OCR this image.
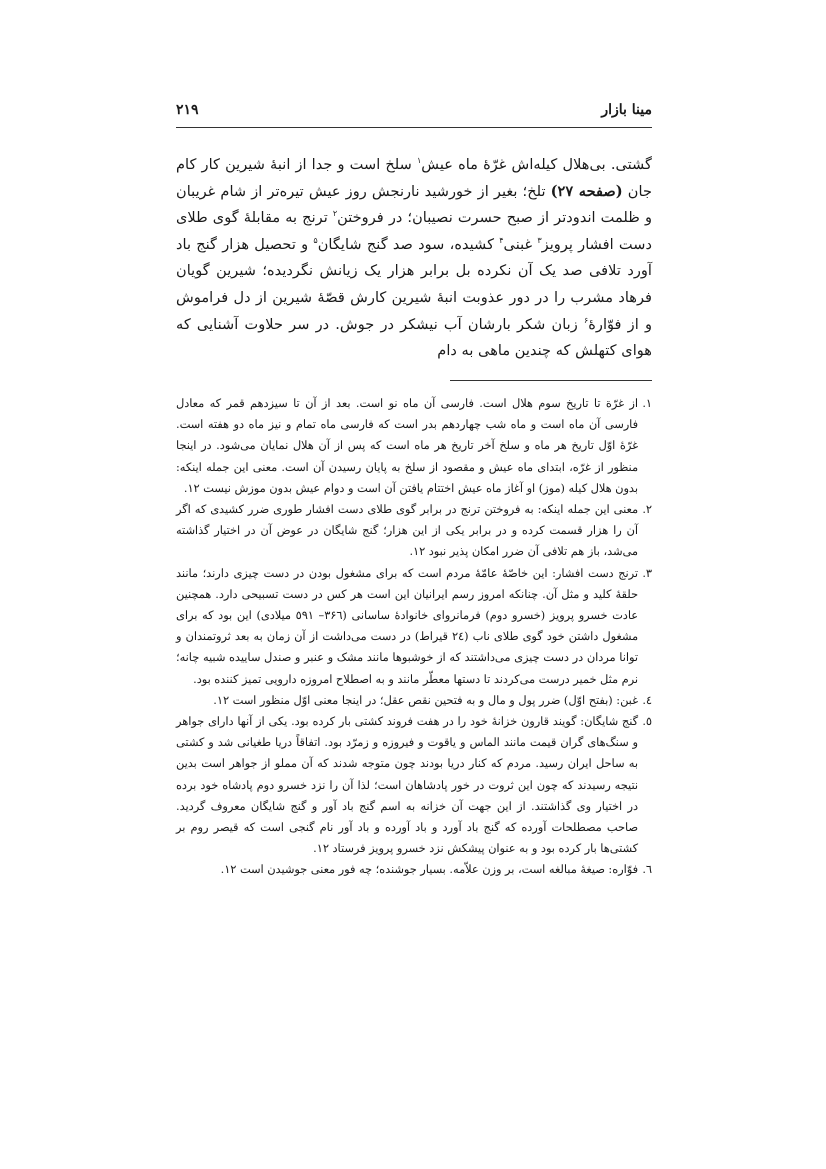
مینا بازار
۲۱۹

گشتی. بی‌هلال کیله‌اش غرّهٔ ماه عیش$^۱$ سلخ است و جدا از انبهٔ شیرین کار کام جان (صفحه ۲۷) تلخ؛ بغیر از خورشید نارنجش روز عیش تیره‌تر از شام غریبان و ظلمت اندودتر از صبح حسرت نصیبان؛ در فروختن$^۲$ ترنج به مقابلهٔ گوی طلای دست افشار پرویز$^۳$ غبنی$^۴$ کشیده، سود صد گنج شایگان$^۵$ و تحصیل هزار گنج باد آورد تلافی صد یک آن نکرده بل برابر هزار یک زیانش نگردیده؛ شیرین گویان فرهاد مشرب را در دور عذوبت انبهٔ شیرین کارش قصّهٔ شیرین از دل فراموش و از فوّارهٔ$^۶$ زبان شکر بارشان آب نیشکر در جوش. در سر حلاوت آشنایی که هوای کتهلش که چندین ماهی به دام

۱.
از غرّة تا تاریخ سوم هلال است. فارسی آن ماه نو است. بعد از آن تا سیزدهم قمر که معادل فارسی آن ماه است و ماه شب چهاردهم بدر است که فارسی ماه تمام و نیز ماه دو هفته است. غرّهٔ اوّل تاریخ هر ماه و سلخ آخر تاریخ هر ماه است که پس از آن هلال نمایان می‌شود. در اینجا منظور از غرّه، ابتدای ماه عیش و مقصود از سلخ به پایان رسیدن آن است. معنی این جمله اینکه: بدون هلال کیله (موز) او آغاز ماه عیش اختتام یافتن آن است و دوام عیش بدون موزش نیست ۱۲.
۲.
معنی این جمله اینکه: به فروختن ترنج در برابر گوی طلای دست افشار طوری ضرر کشیدی که اگر آن را هزار قسمت کرده و در برابر یکی از این هزار؛ گنج شایگان در عوض آن در اختیار گذاشته می‌شد، باز هم تلافی آن ضرر امکان پذیر نبود ۱۲.
۳.
ترنج دست افشار: این خاصّهٔ عامّهٔ مردم است که برای مشغول بودن در دست چیزی دارند؛ مانند حلقهٔ کلید و مثل آن. چنانکه امروز رسم ایرانیان این است هر کس در دست تسبیحی دارد. همچنین عادت خسرو پرویز (خسرو دوم) فرمانروای خانوادهٔ ساسانی (۳۶٦– ٥٩١ میلادی) این بود که برای مشغول داشتن خود گوی طلای ناب (۲٤ قیراط) در دست می‌داشت از آن زمان به بعد ثروتمندان و توانا مردان در دست چیزی می‌داشتند که از خوشبوها مانند مشک و عنبر و صندل ساییده شبیه چانه؛ نرم مثل خمیر درست می‌کردند تا دستها معطّر مانند و به اصطلاح امروزه دارویی تمیز کننده بود.
٤.
غبن: (بفتح اوّل) ضرر پول و مال و به فتحین نقص عقل؛ در اینجا معنی اوّل منظور است ۱۲.
٥.
گنج شایگان: گویند قارون خزانهٔ خود را در هفت فروند کشتی بار کرده بود. یکی از آنها دارای جواهر و سنگ‌های گران قیمت مانند الماس و یاقوت و فیروزه و زمرّد بود. اتفاقاً دریا طغیانی شد و کشتی به ساحل ایران رسید. مردم که کنار دریا بودند چون متوجه شدند که آن مملو از جواهر است بدین نتیجه رسیدند که چون این ثروت در خور پادشاهان است؛ لذا آن را نزد خسرو دوم پادشاه خود برده در اختیار وی گذاشتند. از این جهت آن خزانه به اسم گنج باد آور و گنج شایگان معروف گردید. صاحب مصطلحات آورده که گنج باد آورد و باد آورده و باد آور نام گنجی است که قیصر روم بر کشتی‌ها بار کرده بود و به عنوان پیشکش نزد خسرو پرویز فرستاد ۱۲.
٦.
فوّاره: صیغهٔ مبالغه است، بر وزن علاّمه. بسیار جوشنده؛ چه فور معنی جوشیدن است ۱۲.
